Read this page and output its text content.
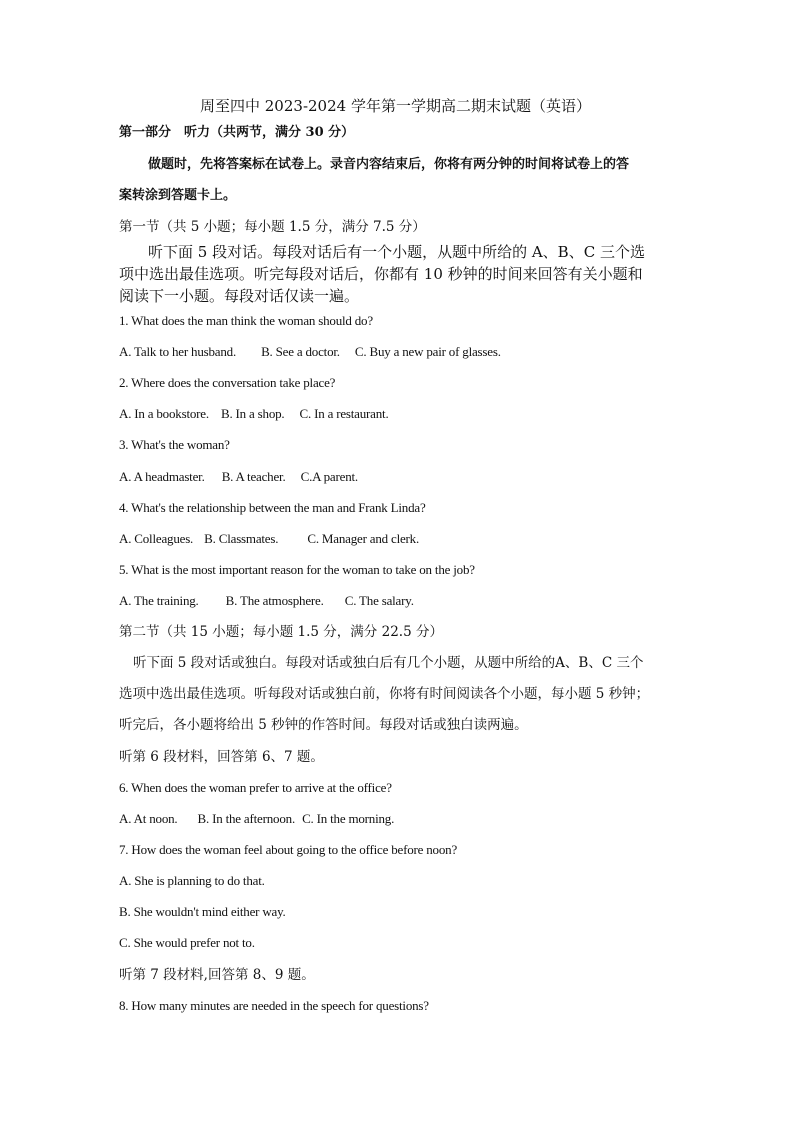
周至四中 2023-2024 学年第一学期高二期末试题（英语）
第一部分　听力（共两节，满分 30 分）
做题时，先将答案标在试卷上。录音内容结束后，你将有两分钟的时间将试卷上的答
案转涂到答题卡上。
第一节（共 5 小题；每小题 1.5 分，满分 7.5 分）
听下面 5 段对话。每段对话后有一个小题，从题中所给的 A、B、C 三个选
项中选出最佳选项。听完每段对话后，你都有 10 秒钟的时间来回答有关小题和
阅读下一小题。每段对话仅读一遍。
1. What does the man think the woman should do?
A. Talk to her husband. B. See a doctor. C. Buy a new pair of glasses.
2. Where does the conversation take place?
A. In a bookstore. B. In a shop. C. In a restaurant.
3. What's the woman?
A. A headmaster. B. A teacher. C.A parent.
4. What's the relationship between the man and Frank Linda?
A. Colleagues. B. Classmates. C. Manager and clerk.
5. What is the most important reason for the woman to take on the job?
A. The training. B. The atmosphere. C. The salary.
第二节（共 15 小题；每小题 1.5 分，满分 22.5 分）
听下面 5 段对话或独白。每段对话或独白后有几个小题，从题中所给的A、B、C 三个
选项中选出最佳选项。听每段对话或独白前，你将有时间阅读各个小题，每小题 5 秒钟；
听完后，各小题将给出 5 秒钟的作答时间。每段对话或独白读两遍。
听第 6 段材料，回答第 6、7 题。
6. When does the woman prefer to arrive at the office?
A. At noon. B. In the afternoon. C. In the morning.
7. How does the woman feel about going to the office before noon?
A. She is planning to do that.
B. She wouldn't mind either way.
C. She would prefer not to.
听第 7 段材料,回答第 8、9 题。
8. How many minutes are needed in the speech for questions?
